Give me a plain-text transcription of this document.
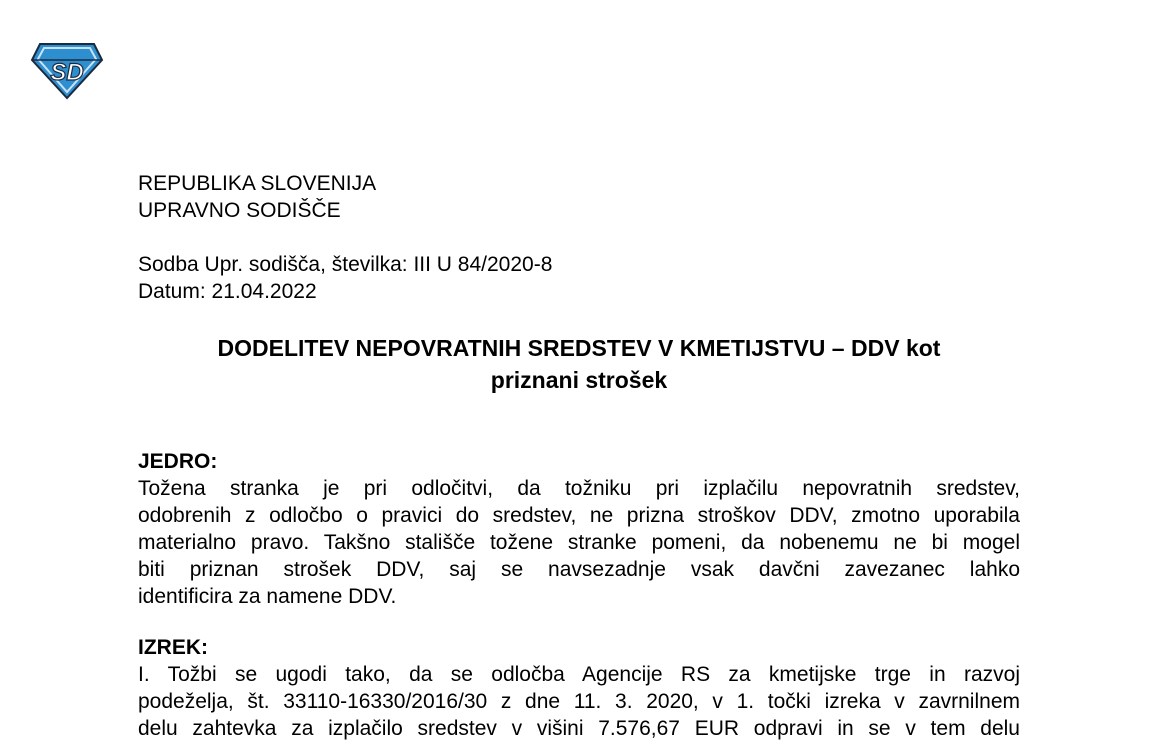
SD
REPUBLIKA SLOVENIJA
UPRAVNO SODIŠČE
Sodba Upr. sodišča, številka: III U 84/2020-8
Datum: 21.04.2022
DODELITEV NEPOVRATNIH SREDSTEV V KMETIJSTVU – DDV kot
priznani strošek
JEDRO:
Tožena stranka je pri odločitvi, da tožniku pri izplačilu nepovratnih sredstev,
odobrenih z odločbo o pravici do sredstev, ne prizna stroškov DDV, zmotno uporabila
materialno pravo. Takšno stališče tožene stranke pomeni, da nobenemu ne bi mogel
biti priznan strošek DDV, saj se navsezadnje vsak davčni zavezanec lahko
identificira za namene DDV.
IZREK:
I. Tožbi se ugodi tako, da se odločba Agencije RS za kmetijske trge in razvoj
podeželja, št. 33110-16330/2016/30 z dne 11. 3. 2020, v 1. točki izreka v zavrnilnem
delu zahtevka za izplačilo sredstev v višini 7.576,67 EUR odpravi in se v tem delu
